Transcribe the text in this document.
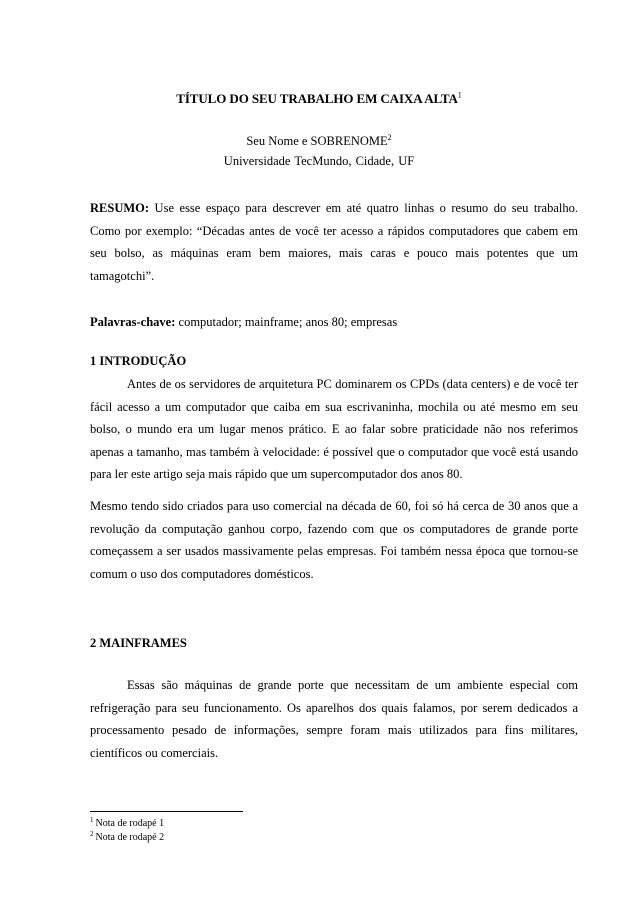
TÍTULO DO SEU TRABALHO EM CAIXA ALTA$^1$
Seu Nome e SOBRENOME$^2$
Universidade TecMundo, Cidade, UF
RESUMO: Use esse espaço para descrever em até quatro linhas o resumo do seu trabalho. Como por exemplo: “Décadas antes de você ter acesso a rápidos computadores que cabem em seu bolso, as máquinas eram bem maiores, mais caras e pouco mais potentes que um tamagotchi”.
Palavras-chave: computador; mainframe; anos 80; empresas
1 INTRODUÇÃO
Antes de os servidores de arquitetura PC dominarem os CPDs (data centers) e de você ter fácil acesso a um computador que caiba em sua escrivaninha, mochila ou até mesmo em seu bolso, o mundo era um lugar menos prático. E ao falar sobre praticidade não nos referimos apenas a tamanho, mas também à velocidade: é possível que o computador que você está usando para ler este artigo seja mais rápido que um supercomputador dos anos 80.
Mesmo tendo sido criados para uso comercial na década de 60, foi só há cerca de 30 anos que a revolução da computação ganhou corpo, fazendo com que os computadores de grande porte começassem a ser usados massivamente pelas empresas. Foi também nessa época que tornou-se comum o uso dos computadores domésticos.
2 MAINFRAMES
Essas são máquinas de grande porte que necessitam de um ambiente especial com refrigeração para seu funcionamento. Os aparelhos dos quais falamos, por serem dedicados a processamento pesado de informações, sempre foram mais utilizados para fins militares, científicos ou comerciais.
$^1$ Nota de rodapé 1
$^2$ Nota de rodapé 2
